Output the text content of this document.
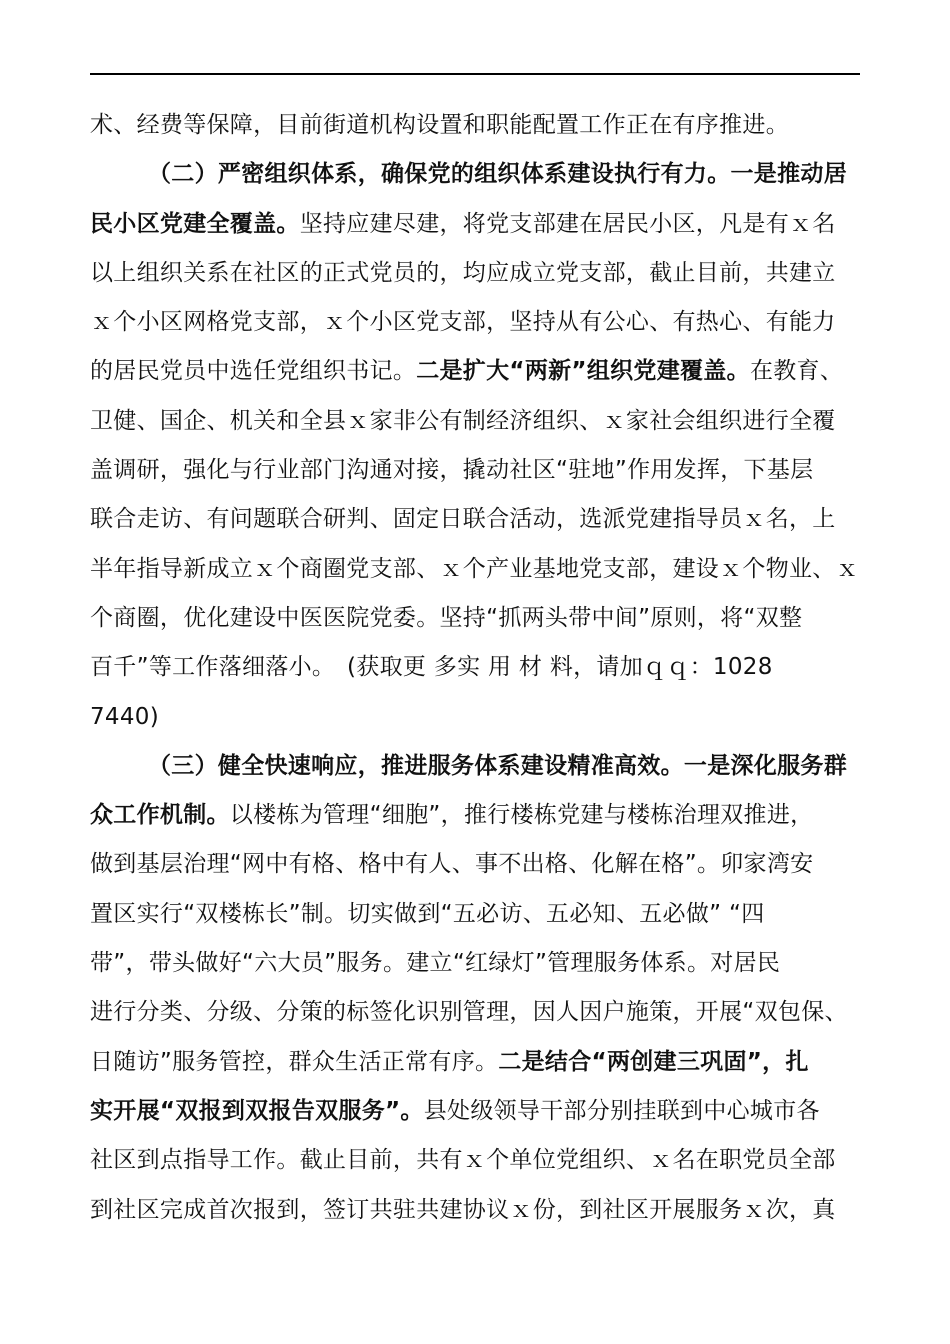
术、经费等保障，目前街道机构设置和职能配置工作正在有序推进。
（二）严密组织体系，确保党的组织体系建设执行有力。一是推动居
民小区党建全覆盖。坚持应建尽建，将党支部建在居民小区，凡是有ｘ名
以上组织关系在社区的正式党员的，均应成立党支部，截止目前，共建立
ｘ个小区网格党支部，ｘ个小区党支部，坚持从有公心、有热心、有能力
的居民党员中选任党组织书记。二是扩大“两新”组织党建覆盖。在教育、
卫健、国企、机关和全县ｘ家非公有制经济组织、ｘ家社会组织进行全覆
盖调研，强化与行业部门沟通对接，撬动社区“驻地”作用发挥，下基层
联合走访、有问题联合研判、固定日联合活动，选派党建指导员ｘ名，上
半年指导新成立ｘ个商圈党支部、ｘ个产业基地党支部，建设ｘ个物业、ｘ
个商圈，优化建设中医医院党委。坚持“抓两头带中间”原则，将“双整
百千”等工作落细落小。　(获取更 多实 用 材 料，请加ｑｑ：1028
7440)
（三）健全快速响应，推进服务体系建设精准高效。一是深化服务群
众工作机制。以楼栋为管理“细胞”，推行楼栋党建与楼栋治理双推进，
做到基层治理“网中有格、格中有人、事不出格、化解在格”。卯家湾安
置区实行“双楼栋长”制。切实做到“五必访、五必知、五必做” “四
带”，带头做好“六大员”服务。建立“红绿灯”管理服务体系。对居民
进行分类、分级、分策的标签化识别管理，因人因户施策，开展“双包保、
日随访”服务管控，群众生活正常有序。二是结合“两创建三巩固”，扎
实开展“双报到双报告双服务”。县处级领导干部分别挂联到中心城市各
社区到点指导工作。截止目前，共有ｘ个单位党组织、ｘ名在职党员全部
到社区完成首次报到，签订共驻共建协议ｘ份，到社区开展服务ｘ次，真
